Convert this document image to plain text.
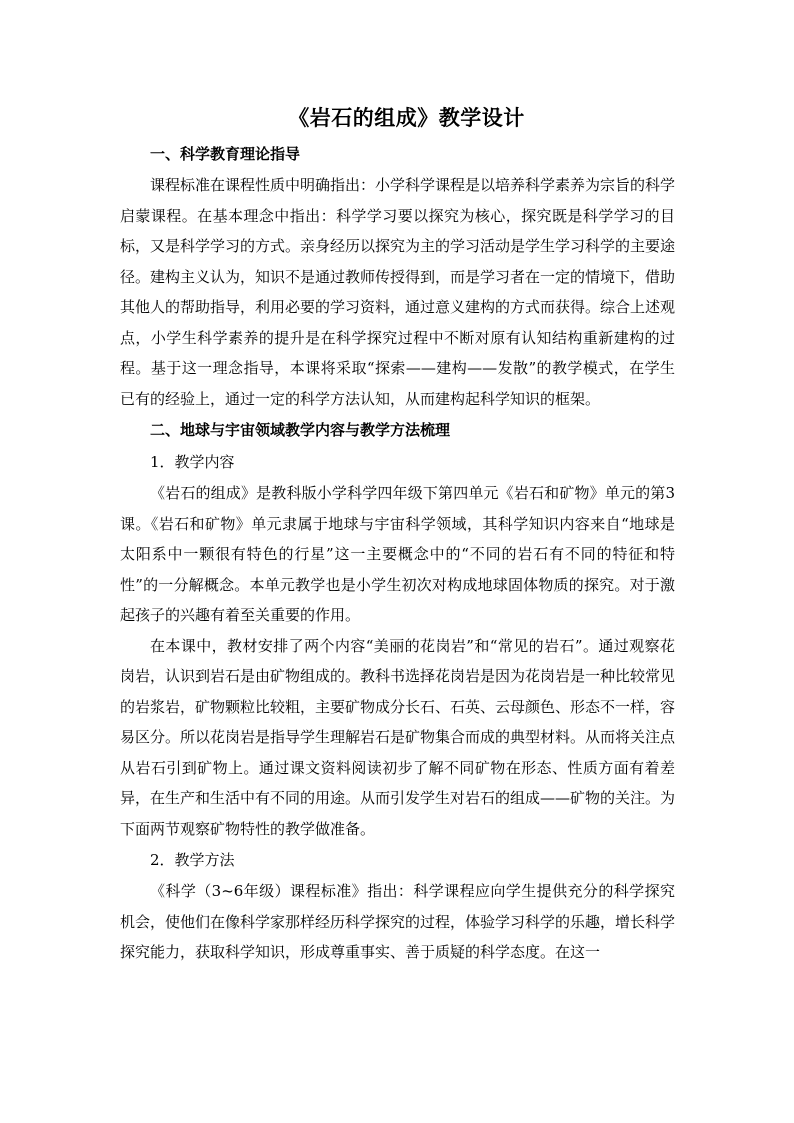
《岩石的组成》教学设计
一、科学教育理论指导

课程标准在课程性质中明确指出：小学科学课程是以培养科学素养为宗旨的科学启蒙课程。在基本理念中指出：科学学习要以探究为核心，探究既是科学学习的目标，又是科学学习的方式。亲身经历以探究为主的学习活动是学生学习科学的主要途径。建构主义认为，知识不是通过教师传授得到，而是学习者在一定的情境下，借助其他人的帮助指导，利用必要的学习资料，通过意义建构的方式而获得。综合上述观点，小学生科学素养的提升是在科学探究过程中不断对原有认知结构重新建构的过程。基于这一理念指导，本课将采取“探索——建构——发散”的教学模式，在学生已有的经验上，通过一定的科学方法认知，从而建构起科学知识的框架。

二、地球与宇宙领域教学内容与教学方法梳理
1．教学内容

《岩石的组成》是教科版小学科学四年级下第四单元《岩石和矿物》单元的第3课。《岩石和矿物》单元隶属于地球与宇宙科学领域，其科学知识内容来自“地球是太阳系中一颗很有特色的行星”这一主要概念中的“不同的岩石有不同的特征和特性”的一分解概念。本单元教学也是小学生初次对构成地球固体物质的探究。对于激起孩子的兴趣有着至关重要的作用。

在本课中，教材安排了两个内容“美丽的花岗岩”和“常见的岩石”。通过观察花岗岩，认识到岩石是由矿物组成的。教科书选择花岗岩是因为花岗岩是一种比较常见的岩浆岩，矿物颗粒比较粗，主要矿物成分长石、石英、云母颜色、形态不一样，容易区分。所以花岗岩是指导学生理解岩石是矿物集合而成的典型材料。从而将关注点从岩石引到矿物上。通过课文资料阅读初步了解不同矿物在形态、性质方面有着差异，在生产和生活中有不同的用途。从而引发学生对岩石的组成——矿物的关注。为下面两节观察矿物特性的教学做准备。

2．教学方法

《科学（3~6年级）课程标准》指出：科学课程应向学生提供充分的科学探究机会，使他们在像科学家那样经历科学探究的过程，体验学习科学的乐趣，增长科学探究能力，获取科学知识，形成尊重事实、善于质疑的科学态度。在这一
